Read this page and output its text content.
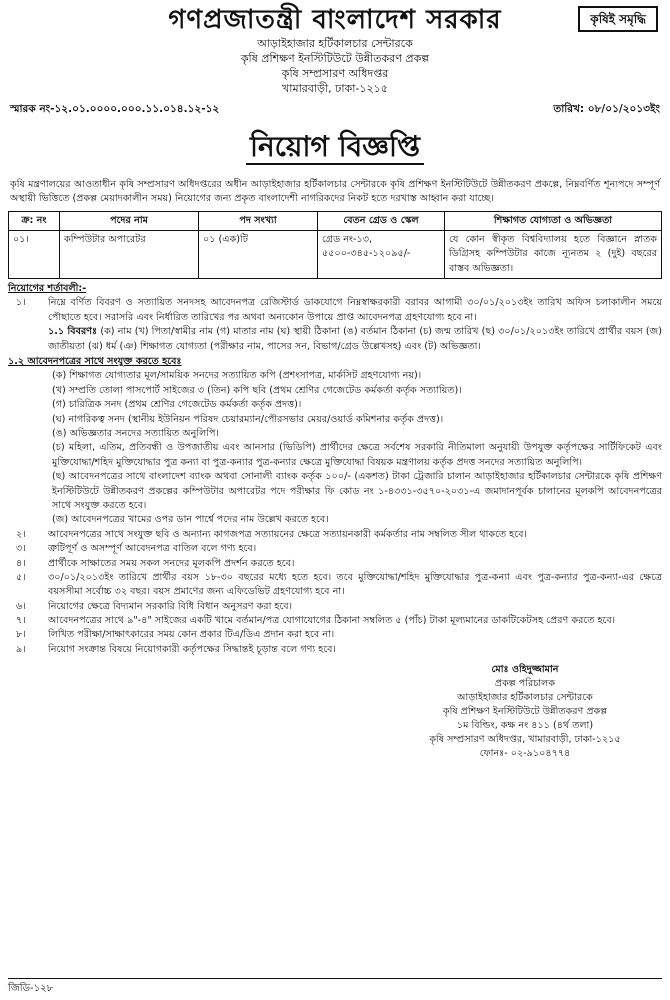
গণপ্রজাতন্ত্রী বাংলাদেশ সরকার	কৃষিই সমৃদ্ধি
আড়াইহাজার হর্টিকালচার সেন্টারকে
কৃষি প্রশিক্ষণ ইনস্টিটিউটে উন্নীতকরণ প্রকল্প
কৃষি সম্প্রসারণ অধিদপ্তর
খামারবাড়ী, ঢাকা-১২১৫
স্মারক নং-১২.০১.০০০০.০০০.১১.০১৪.১২-১২	তারিখ: ০৮/০১/২০১৩ইং
নিয়োগ বিজ্ঞপ্তি
কৃষি মন্ত্রণালয়ের আওতাধীন কৃষি সম্প্রসারণ অধিদপ্তরের অধীন আড়াইহাজার হর্টিকালচার সেন্টারকে কৃষি প্রশিক্ষণ ইনস্টিটিউটে উন্নীতকরণ প্রকল্পে, নিম্নবর্ণিত শূন্যপদে সম্পূর্ণ অস্থায়ী ভিত্তিতে (প্রকল্প মেয়াদকালীন সময়) নিয়োগের জন্য প্রকৃত বাংলাদেশী নাগরিকদের নিকট হতে দরখাস্ত আহ্বান করা যাচ্ছে।
ক্র: নং	পদের নাম	পদ সংখ্যা	বেতন গ্রেড ও স্কেল	শিক্ষাগত যোগ্যতা ও অভিজ্ঞতা
০১।	কম্পিউটার অপারেটর	০১ (এক)টি	গ্রেড নং-১৩, ৫৫০০-৩৪৫-১২০৯৫/-	যে কোন স্বীকৃত বিশ্ববিদ্যালয় হতে বিজ্ঞানে স্নাতক ডিগ্রিসহ কম্পিউটার কাজে ন্যূনতম ২ (দুই) বছরের বাস্তব অভিজ্ঞতা।
নিয়োগের শর্তাবলী:-
১।	নিম্নে বর্ণিত বিবরণ ও সত্যায়িত সনদসহ আবেদনপত্র রেজিস্টার্ড ডাকযোগে নিম্নস্বাক্ষরকারী বরাবর আগামী ৩০/০১/২০১৩ইং তারিখ অফিস চলাকালীন সময়ে পৌছাতে হবে। সরাসরি এবং নির্ধারিত তারিখের পর অথবা অন্যকোন উপায়ে প্রাপ্ত আবেদনপত্র গ্রহণযোগ্য হবে না।
১.১ বিবরণঃ (ক) নাম (খ) পিতা/স্বামীর নাম (গ) মাতার নাম (ঘ) স্থায়ী ঠিকানা (ঙ) বর্তমান ঠিকানা (চ) জন্ম তারিখ (ছ) ৩০/০১/২০১৩ইং তারিখে প্রার্থীর বয়স (জ) জাতীয়তা (ঝ) ধর্ম (ঞ) শিক্ষাগত যোগ্যতা (পরীক্ষার নাম, পাসের সন, বিভাগ/গ্রেড উল্লেখসহ) এবং (ট) অভিজ্ঞতা।
১.২ আবেদনপত্রের সাথে সংযুক্ত করতে হবেঃ
(ক) শিক্ষাগত যোগ্যতার মূল/সাময়িক সনদের সত্যায়িত কপি (প্রশংসাপত্র, মার্কসিট গ্রহণযোগ্য নয়)।
(খ) সম্প্রতি তোলা পাসপোর্ট সাইজের ৩ (তিন) কপি ছবি (প্রথম শ্রেণির গেজেটেড কর্মকর্তা কর্তৃক সত্যায়িত)।
(গ) চারিত্রিক সনদ (প্রথম শ্রেণির গেজেটেড কর্মকর্তা কর্তৃক প্রদত্ত)।
(ঘ) নাগরিকত্ব সনদ (স্থানীয় ইউনিয়ন পরিষদ চেয়ারম্যান/পৌরসভার মেয়র/ওয়ার্ড কমিশনার কর্তৃক প্রদত্ত)।
(ঙ) অভিজ্ঞতার সনদের সত্যায়িত অনুলিপি।
(চ) মহিলা, এতিম, প্রতিবন্ধী ও উপজাতীয় এবং আনসার (ভিডিপি) প্রার্থীদের ক্ষেত্রে সর্বশেষ সরকারি নীতিমালা অনুযায়ী উপযুক্ত কর্তৃপক্ষের সার্টিফিকেট এবং মুক্তিযোদ্ধা/শহিদ মুক্তিযোদ্ধার পুত্র কন্যা বা পুত্র-কন্যার পুত্র-কন্যার ক্ষেত্রে মুক্তিযোদ্ধা বিষয়ক মন্ত্রণালয় কর্তৃক প্রদত্ত সনদের সত্যায়িত অনুলিপি।
(ছ) আবেদনপত্রের সাথে বাংলাদেশ ব্যাংক অথবা সোনালী ব্যাংক কর্তৃক ১০০/- (একশত) টাকা ট্রেজারি চালান আড়াইহাজার হর্টিকালচার সেন্টারকে কৃষি প্রশিক্ষণ ইনস্টিটিউটে উন্নীতকরণ প্রকল্পের কম্পিউটার অপারেটর পদে পরীক্ষার ফি কোড নং ১-৪৩৩১-৩৫৭০-২০৩১-এ জমাদানপূর্বক চালানের মূলকপি আবেদনপত্রের সাথে সংযুক্ত করতে হবে।
(জ) আবেদনপত্রের খামের ওপর ডান পার্শ্বে পদের নাম উল্লেখ করতে হবে।
২।	আবেদনপত্রের সাথে সংযুক্ত ছবি ও অন্যান্য কাগজপত্র সত্যায়নের ক্ষেত্রে সত্যায়নকারী কর্মকর্তার নাম সম্বলিত সীল থাকতে হবে।
৩।	ত্রুটিপূর্ণ ও অসম্পূর্ণ আবেদনপত্র বাতিল বলে গণ্য হবে।
৪।	প্রার্থীকে সাক্ষাতের সময় সকল সনদের মূলকপি প্রদর্শন করতে হবে।
৫।	৩০/০১/২০১৩ইং তারিখে প্রার্থীর বয়স ১৮-৩০ বছরের মধ্যে হতে হবে। তবে মুক্তিযোদ্ধা/শহিদ মুক্তিযোদ্ধার পুত্র-কন্যা এবং পুত্র-কন্যার পুত্র-কন্যা-এর ক্ষেত্রে বয়সসীমা সর্বোচ্চ ৩২ বছর। বয়স প্রমাণের জন্য এফিডেভিট গ্রহণযোগ্য হবে না।
৬।	নিয়োগের ক্ষেত্রে বিদ্যমান সরকারি বিধি বিধান অনুসরণ করা হবে।
৭।	আবেদনপত্রের সাথে ৯"-৪" সাইজের একটি খামে বর্তমান/পত্র যোগাযোগের ঠিকানা সম্বলিত ৫ (পাঁচ) টাকা মূল্যমানের ডাকটিকেটসহ প্রেরণ করতে হবে।
৮।	লিখিত পরীক্ষা/সাক্ষাৎকারের সময় কোন প্রকার টিএ/ডিএ প্রদান করা হবে না।
৯।	নিয়োগ সংক্রান্ত বিষয়ে নিয়োগকারী কর্তৃপক্ষের সিদ্ধান্তই চূড়ান্ত বলে গণ্য হবে।
মোঃ ওহিদুজ্জামান
প্রকল্প পরিচালক
আড়াইহাজার হর্টিকালচার সেন্টারকে
কৃষি প্রশিক্ষণ ইনস্টিটিউটে উন্নীতকরণ প্রকল্প
১ম বিল্ডিং, কক্ষ নং ৪১১ (৪র্থ তলা)
কৃষি সম্প্রসারণ অধিদপ্তর, খামারবাড়ী, ঢাকা-১২১৫
ফোনঃ- ০২-৯১০৪৭৭৪
জিডি-১২৮
